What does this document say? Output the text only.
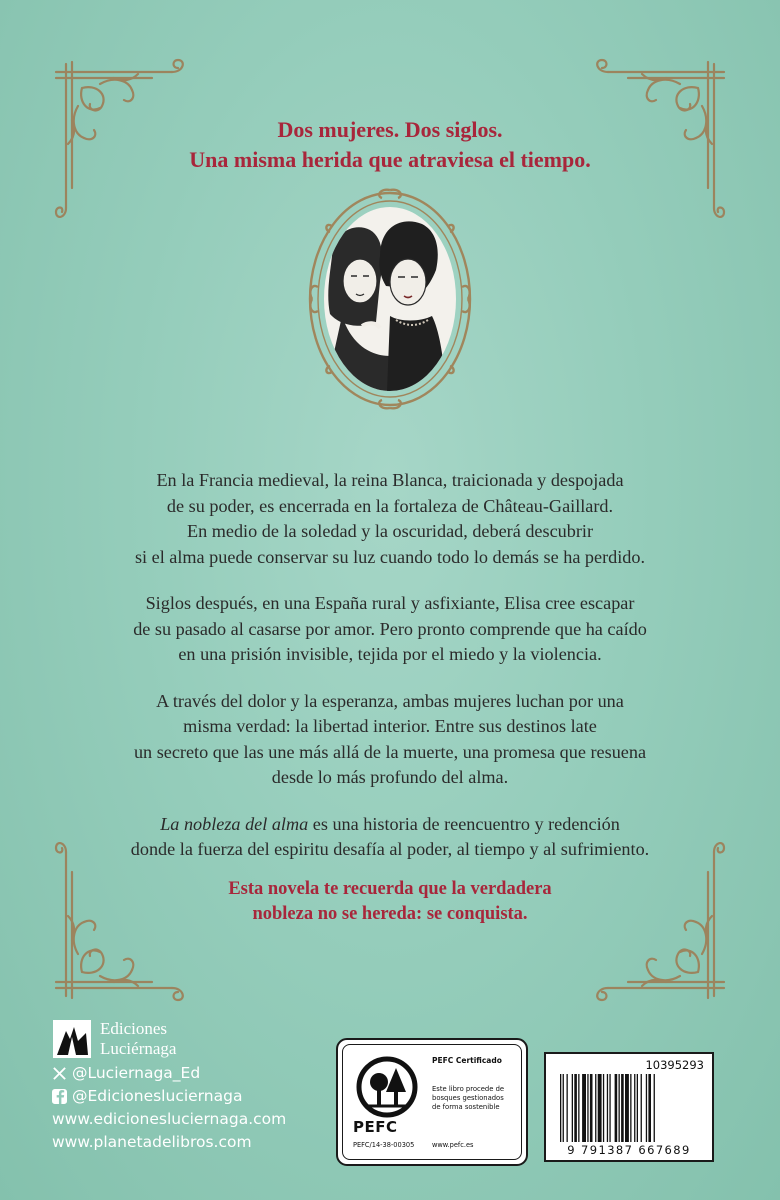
Dos mujeres. Dos siglos.
Una misma herida que atraviesa el tiempo.

En la Francia medieval, la reina Blanca, traicionada y despojada
de su poder, es encerrada en la fortaleza de Château-Gaillard.
En medio de la soledad y la oscuridad, deberá descubrir
si el alma puede conservar su luz cuando todo lo demás se ha perdido.

Siglos después, en una España rural y asfixiante, Elisa cree escapar
de su pasado al casarse por amor. Pero pronto comprende que ha caído
en una prisión invisible, tejida por el miedo y la violencia.

A través del dolor y la esperanza, ambas mujeres luchan por una
misma verdad: la libertad interior. Entre sus destinos late
un secreto que las une más allá de la muerte, una promesa que resuena
desde lo más profundo del alma.

La nobleza del alma es una historia de reencuentro y redención
donde la fuerza del espiritu desafía al poder, al tiempo y al sufrimiento.

Esta novela te recuerda que la verdadera
nobleza no se hereda: se conquista.
Ediciones
Luciérnaga
@Luciernaga_Ed
@Edicionesluciernaga
www.edicionesluciernaga.com
www.planetadelibros.com
PEFC
PEFC Certificado
Este libro procede de
bosques gestionados
de forma sostenible
PEFC/14-38-00305	www.pefc.es
10395293
9 791387 667689
